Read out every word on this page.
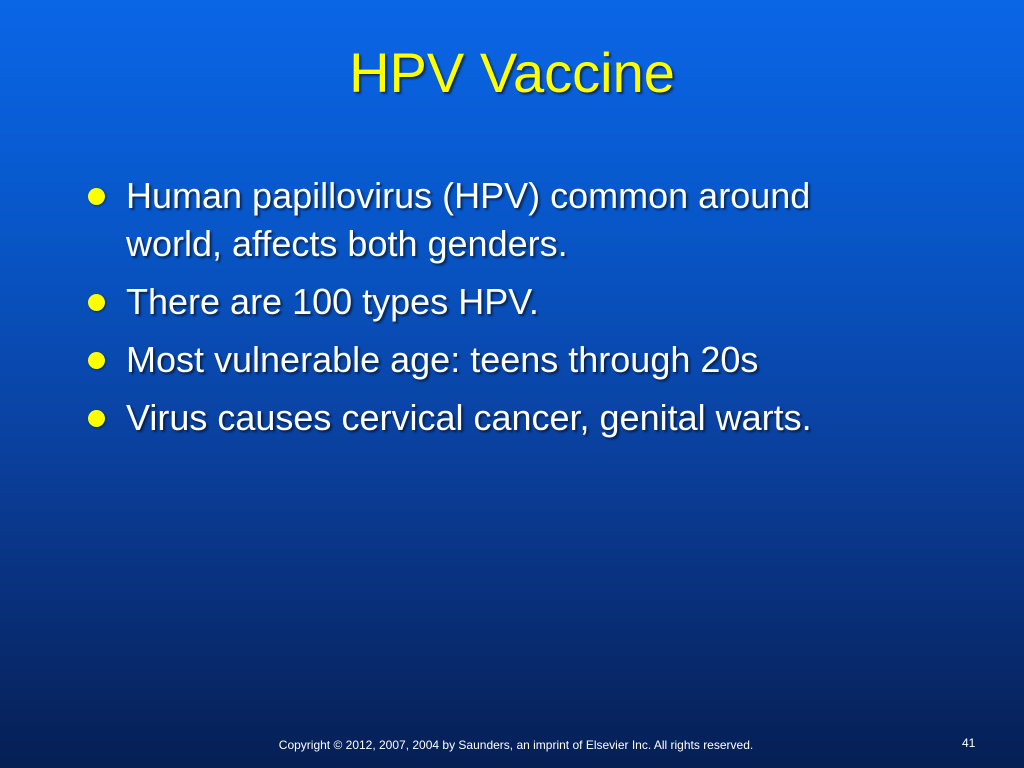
HPV Vaccine
Human papillovirus (HPV) common around world, affects both genders.
There are 100 types HPV.
Most vulnerable age: teens through 20s
Virus causes cervical cancer, genital warts.
Copyright © 2012, 2007, 2004 by Saunders, an imprint of Elsevier Inc. All rights reserved.	41
